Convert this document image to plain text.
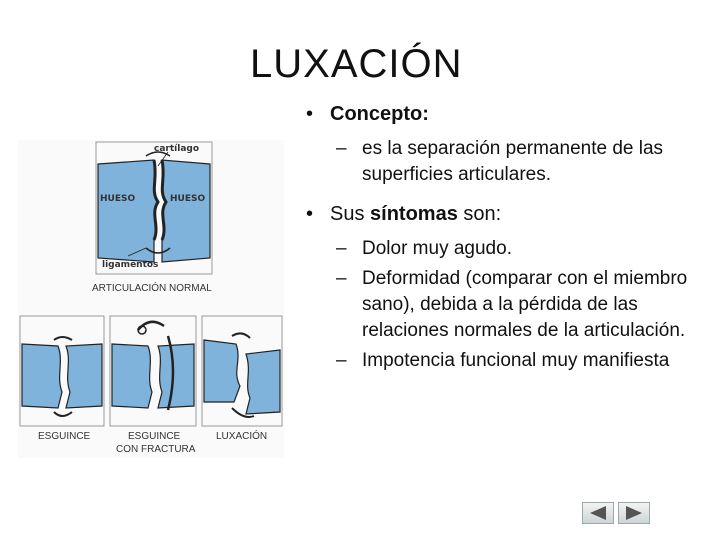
LUXACIÓN
cartílago
HUESO	HUESO
ligamentos
ARTICULACIÓN NORMAL
ESGUINCE	ESGUINCE
CON FRACTURA
LUXACIÓN
• Concepto:
– es la separación permanente de las superficies articulares.
• Sus síntomas son:
– Dolor muy agudo.
– Deformidad (comparar con el miembro sano), debida a la pérdida de las relaciones normales de la articulación.
– Impotencia funcional muy manifiesta
